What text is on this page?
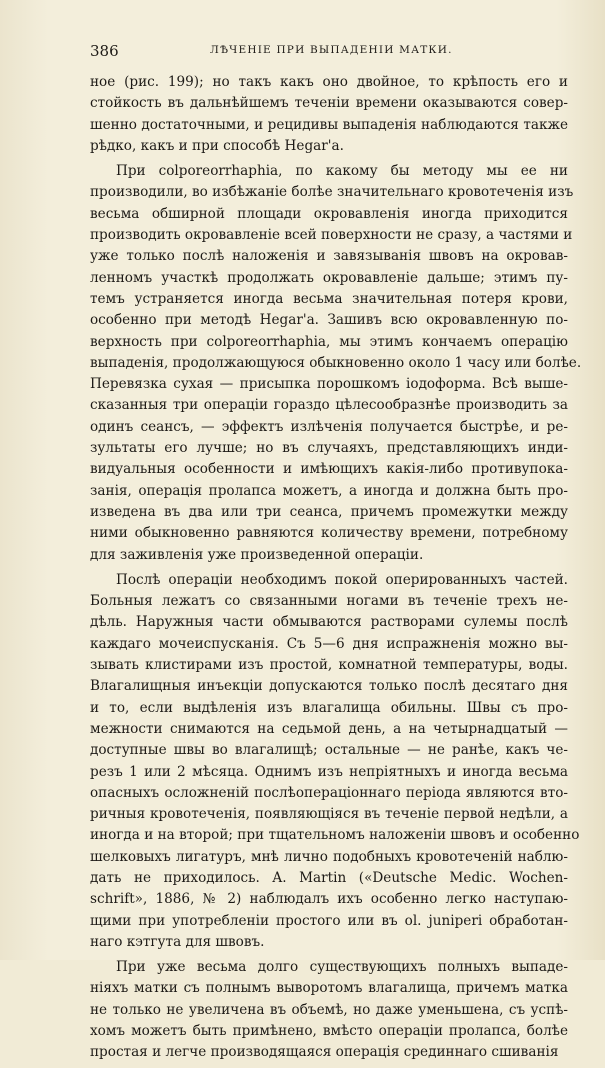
386	ЛѢЧЕНІЕ ПРИ ВЫПАДЕНІИ МАТКИ.
ное (рис. 199); но такъ какъ оно двойное, то крѣпость его и
стойкость въ дальнѣйшемъ теченіи времени оказываются совер-
шенно достаточными, и рецидивы выпаденія наблюдаются также
рѣдко, какъ и при способѣ Hegar'а.
При colporeorrhaphia, по какому бы методу мы ее ни
производили, во избѣжаніе болѣе значительнаго кровотеченія изъ
весьма обширной площади окровавленія иногда приходится
производить окровавленіе всей поверхности не сразу, а частями и
уже только послѣ наложенія и завязыванія швовъ на окровав-
ленномъ участкѣ продолжать окровавленіе дальше; этимъ пу-
темъ устраняется иногда весьма значительная потеря крови,
особенно при методѣ Hegar'а. Зашивъ всю окровавленную по-
верхность при colporeorrhaphia, мы этимъ кончаемъ операцію
выпаденія, продолжающуюся обыкновенно около 1 часу или болѣе.
Перевязка сухая — присыпка порошкомъ іодоформа. Всѣ выше-
сказанныя три операціи гораздо цѣлесообразнѣе производить за
одинъ сеансъ, — эффектъ излѣченія получается быстрѣе, и ре-
зультаты его лучше; но въ случаяхъ, представляющихъ инди-
видуальныя особенности и имѣющихъ какія-либо противупока-
занія, операція пролапса можетъ, а иногда и должна быть про-
изведена въ два или три сеанса, причемъ промежутки между
ними обыкновенно равняются количеству времени, потребному
для заживленія уже произведенной операціи.
Послѣ операціи необходимъ покой оперированныхъ частей.
Больныя лежатъ со связанными ногами въ теченіе трехъ не-
дѣль. Наружныя части обмываются растворами сулемы послѣ
каждаго мочеиспусканія. Съ 5—6 дня испражненія можно вы-
зывать клистирами изъ простой, комнатной температуры, воды.
Влагалищныя инъекціи допускаются только послѣ десятаго дня
и то, если выдѣленія изъ влагалища обильны. Швы съ про-
межности снимаются на седьмой день, а на четырнадцатый —
доступные швы во влагалищѣ; остальные — не ранѣе, какъ че-
резъ 1 или 2 мѣсяца. Однимъ изъ непріятныхъ и иногда весьма
опасныхъ осложненій послѣопераціоннаго періода являются вто-
ричныя кровотеченія, появляющіяся въ теченіе первой недѣли, а
иногда и на второй; при тщательномъ наложеніи швовъ и особенно
шелковыхъ лигатуръ, мнѣ лично подобныхъ кровотеченій наблю-
дать не приходилось. A. Martin («Deutsche Medic. Wochen-
schrift», 1886, № 2) наблюдалъ ихъ особенно легко наступаю-
щими при употребленіи простого или въ ol. juniperi обработан-
наго кэтгута для швовъ.
При уже весьма долго существующихъ полныхъ выпаде-
ніяхъ матки съ полнымъ выворотомъ влагалища, причемъ матка
не только не увеличена въ объемѣ, но даже уменьшена, съ успѣ-
хомъ можетъ быть примѣнено, вмѣсто операціи пролапса, болѣе
простая и легче производящаяся операція срединнаго сшиванія
